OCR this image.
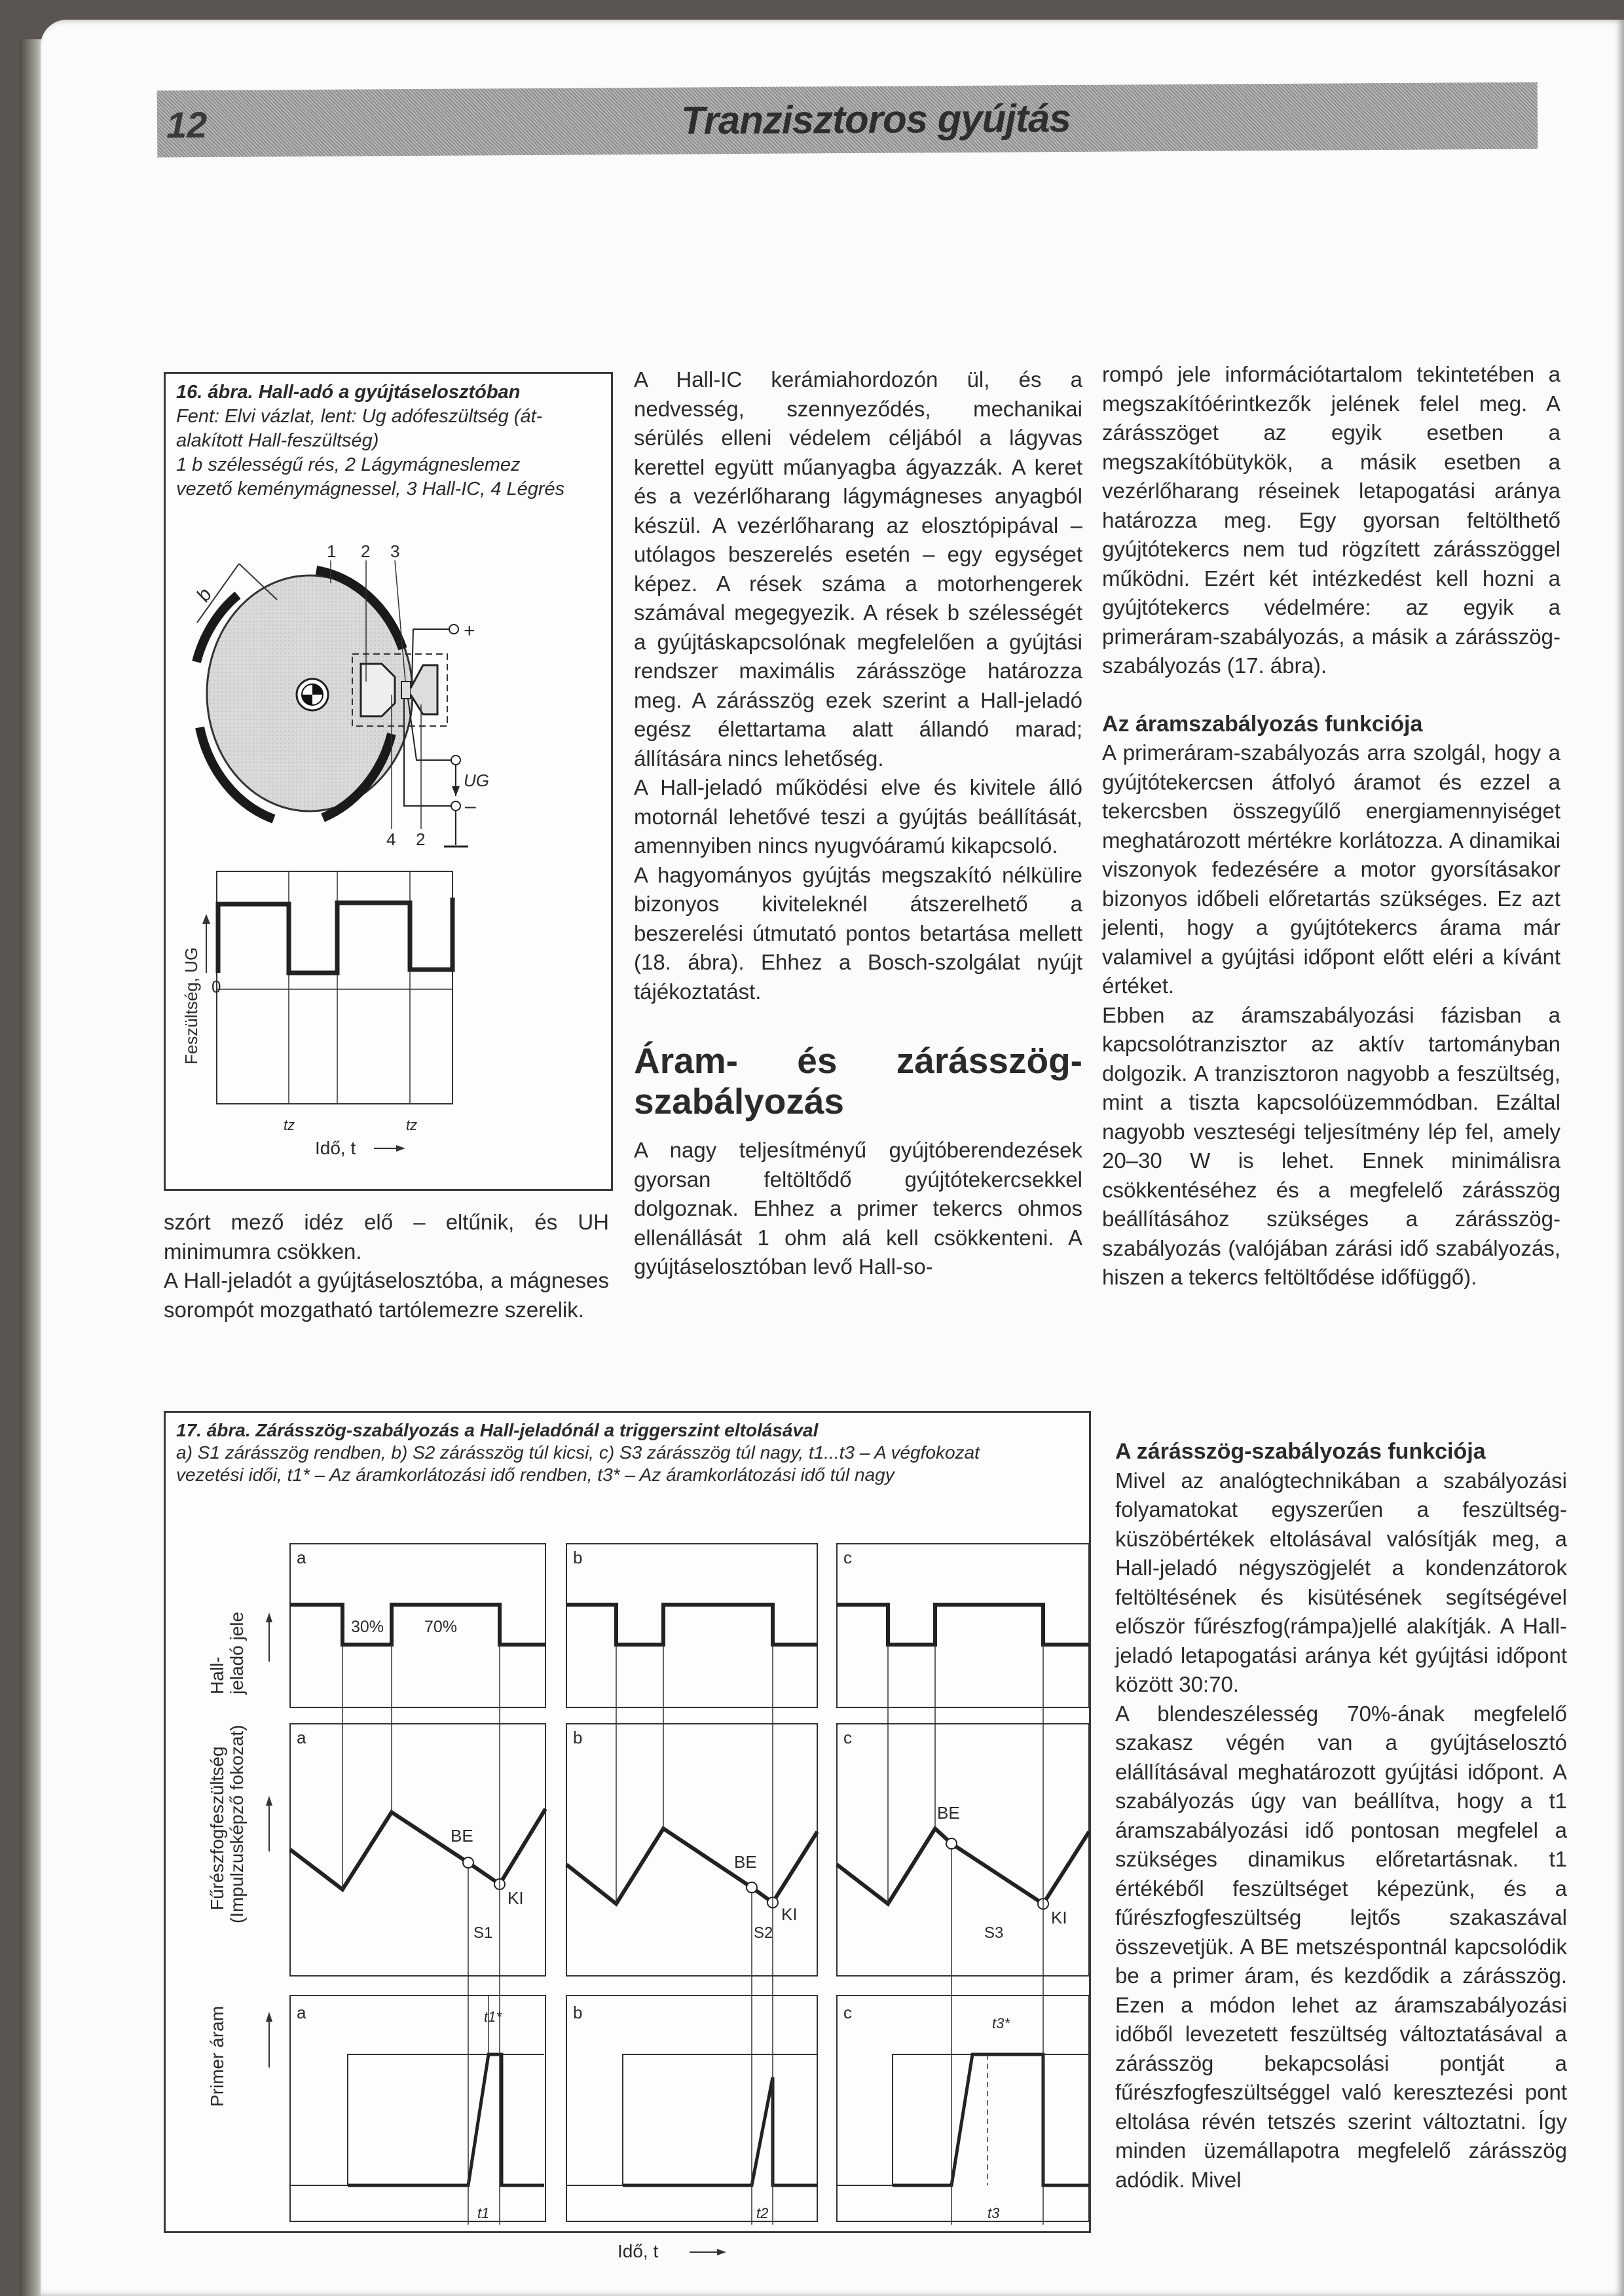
12	Tranzisztoros gyújtás
16. ábra. Hall-adó a gyújtáselosztóban
Fent: Elvi vázlat, lent: Ug adófeszültség (át-
alakított Hall-feszültség)
1 b szélességű rés, 2 Lágymágneslemez
vezető keménymágnessel, 3 Hall-IC, 4 Légrés
b
+
–
UG
1 2 3
4 2
0
Feszültség, UG
tz	tz
Idő, t

szórt mező idéz elő – eltűnik, és UH minimumra csökken.

A Hall-jeladót a gyújtáselosztóba, a mágneses sorompót mozgatható tartólemezre szerelik.

A Hall-IC kerámiahordozón ül, és a nedvesség, szennyeződés, mechanikai sérülés elleni védelem céljából a lágyvas kerettel együtt műanyagba ágyazzák. A keret és a vezérlőharang lágymágneses anyagból készül. A vezérlőharang az elosztópipával – utólagos beszerelés esetén – egy egységet képez. A rések száma a motorhengerek számával megegyezik. A rések b szélességét a gyújtáskapcsolónak megfelelően a gyújtási rendszer maximális zárásszöge határozza meg. A zárásszög ezek szerint a Hall-jeladó egész élettartama alatt állandó marad; állítására nincs lehetőség.

A Hall-jeladó működési elve és kivitele álló motornál lehetővé teszi a gyújtás beállítását, amennyiben nincs nyugvóáramú kikapcsoló.

A hagyományos gyújtás megszakító nélkülire bizonyos kiviteleknél átszerelhető a beszerelési útmutató pontos betartása mellett (18. ábra). Ehhez a Bosch-szolgálat nyújt tájékoztatást.

Áram- és zárásszög-szabályozás

A nagy teljesítményű gyújtóberendezések gyorsan feltöltődő gyújtótekercsekkel dolgoznak. Ehhez a primer tekercs ohmos ellenállását 1 ohm alá kell csökkenteni. A gyújtáselosztóban levő Hall-so-

rompó jele információtartalom tekintetében a megszakítóérintkezők jelének felel meg. A zárásszöget az egyik esetben a megszakítóbütykök, a másik esetben a vezérlőharang réseinek letapogatási aránya határozza meg. Egy gyorsan feltölthető gyújtótekercs nem tud rögzített zárásszöggel működni. Ezért két intézkedést kell hozni a gyújtótekercs védelmére: az egyik a primeráram-szabályozás, a másik a zárásszög-szabályozás (17. ábra).

Az áramszabályozás funkciója

A primeráram-szabályozás arra szolgál, hogy a gyújtótekercsen átfolyó áramot és ezzel a tekercsben összegyűlő energiamennyiséget meghatározott mértékre korlátozza. A dinamikai viszonyok fedezésére a motor gyorsításakor bizonyos időbeli előretartás szükséges. Ez azt jelenti, hogy a gyújtótekercs árama már valamivel a gyújtási időpont előtt eléri a kívánt értéket.

Ebben az áramszabályozási fázisban a kapcsolótranzisztor az aktív tartományban dolgozik. A tranzisztoron nagyobb a feszültség, mint a tiszta kapcsolóüzemmódban. Ezáltal nagyobb veszteségi teljesítmény lép fel, amely 20–30 W is lehet. Ennek minimálisra csökkentéséhez és a megfelelő zárásszög beállításához szükséges a zárásszög-szabályozás (valójában zárási idő szabályozás, hiszen a tekercs feltöltődése időfüggő).

A zárásszög-szabályozás funkciója

Mivel az analógtechnikában a szabályozási folyamatokat egyszerűen a feszültség-küszöbértékek eltolásával valósítják meg, a Hall-jeladó négyszögjelét a kondenzátorok feltöltésének és kisütésének segítségével először fűrészfog(rámpa)jellé alakítják. A Hall-jeladó letapogatási aránya két gyújtási időpont között 30:70.

A blendeszélesség 70%-ának megfelelő szakasz végén van a gyújtáselosztó elállításával meghatározott gyújtási időpont. A szabályozás úgy van beállítva, hogy a t1 áramszabályozási idő pontosan megfelel a szükséges dinamikus előretartásnak. t1 értékéből feszültséget képezünk, és a fűrészfogfeszültség lejtős szakaszával összevetjük. A BE metszéspontnál kapcsolódik be a primer áram, és kezdődik a zárásszög. Ezen a módon lehet az áramszabályozási időből levezetett feszültség változtatásával a zárásszög bekapcsolási pontját a fűrészfogfeszültséggel való keresztezési pont eltolása révén tetszés szerint változtatni. Így minden üzemállapotra megfelelő zárásszög adódik. Mivel

17. ábra. Zárásszög-szabályozás a Hall-jeladónál a triggerszint eltolásával
a) S1 zárásszög rendben, b) S2 zárásszög túl kicsi, c) S3 zárásszög túl nagy, t1...t3 – A végfokozat
vezetési idői, t1* – Az áramkorlátozási idő rendben, t3* – Az áramkorlátozási idő túl nagy
Hall- jeladó jele
Fűrészfogfeszültség (Impulzusképző fokozat)
Primer áram
a
a
a
30% 70%
BE
KI
S1
t1*
t1
b
b
b
BE
KI
S2
t2
c
c
c
BE
KI
S3
t3*
t3
Idő, t
